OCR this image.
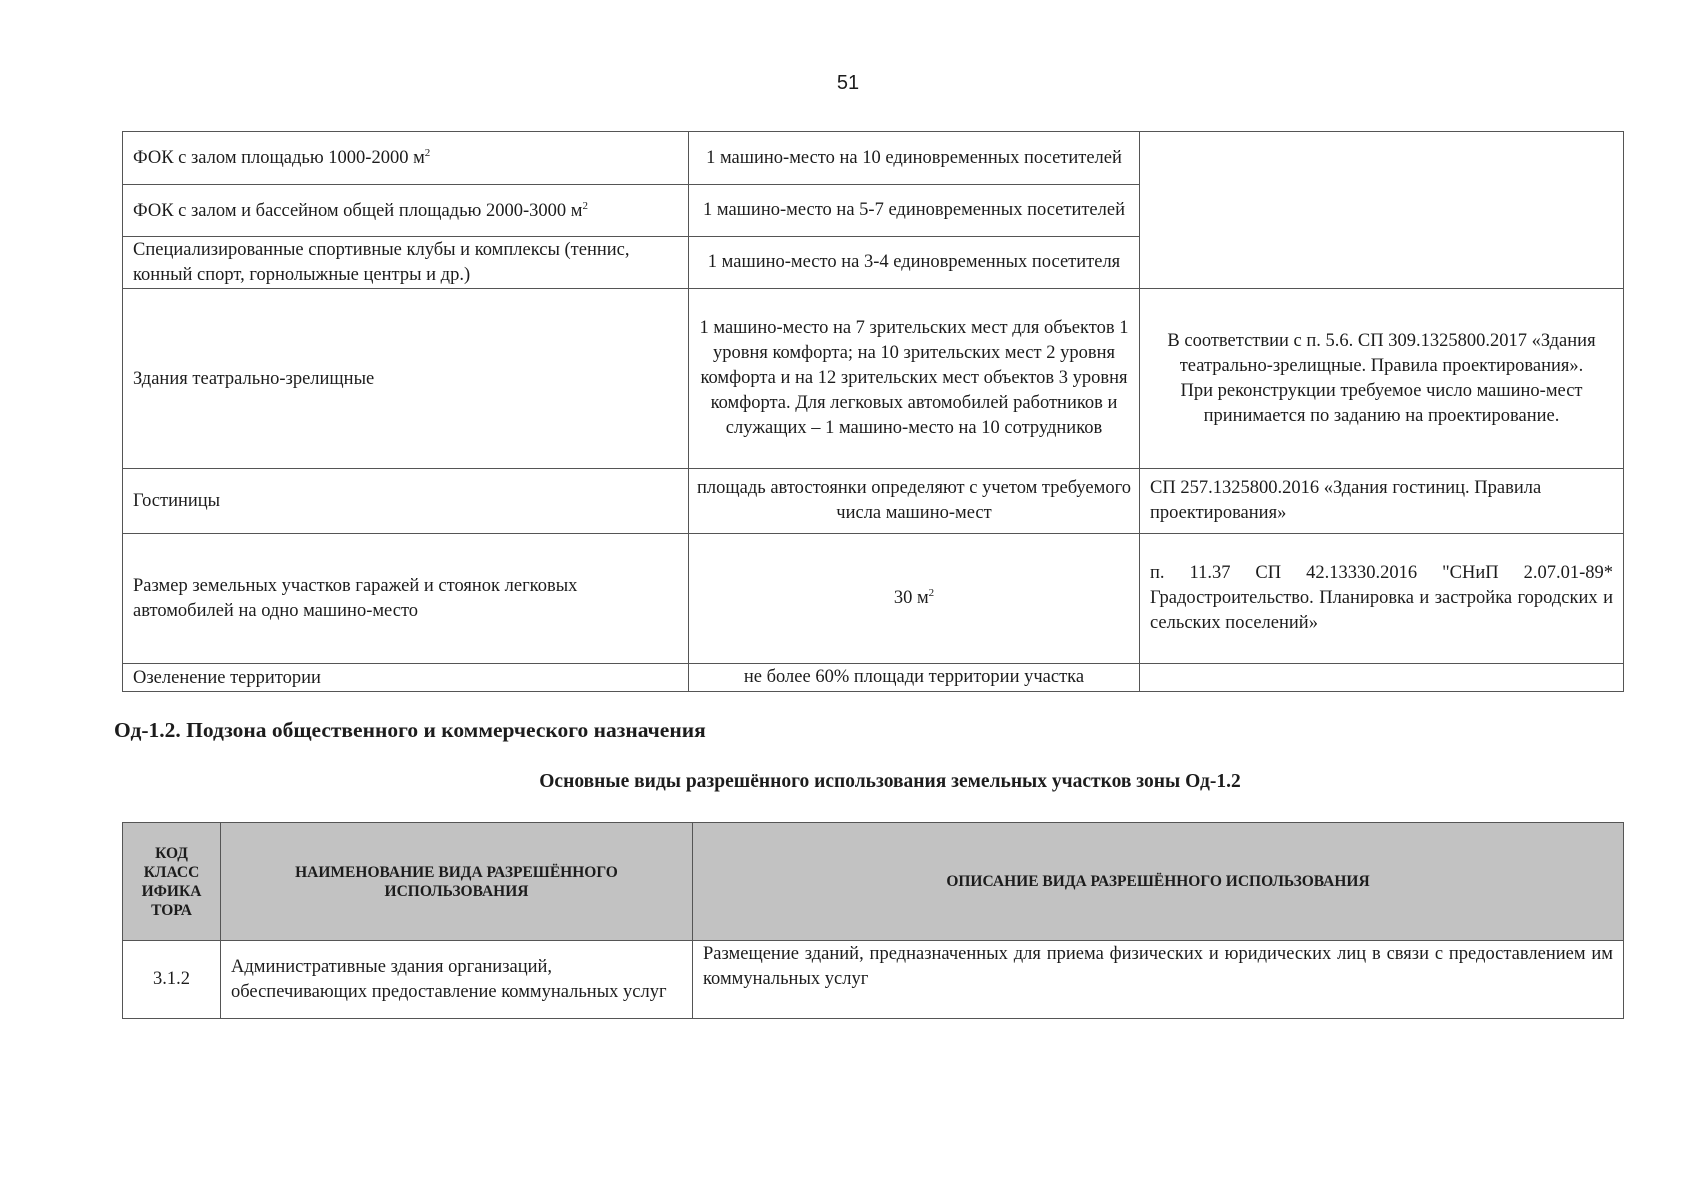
51
ФОК с залом площадью 1000-2000 $м^2$	1 машино-место на 10 единовременных посетителей	
ФОК с залом и бассейном общей площадью 2000-3000 $м^2$	1 машино-место на 5-7 единовременных посетителей	
Специализированные спортивные клубы и комплексы (теннис, конный спорт, горнолыжные центры и др.)	1 машино-место на 3-4 единовременных посетителя	
Здания театрально-зрелищные	1 машино-место на 7 зрительских мест для объектов 1 уровня комфорта; на 10 зрительских мест 2 уровня комфорта и на 12 зрительских мест объектов 3 уровня комфорта. Для легковых автомобилей работников и служащих – 1 машино-место на 10 сотрудников	В соответствии с п. 5.6. СП 309.1325800.2017 «Здания театрально-зрелищные. Правила проектирования».
При реконструкции требуемое число машино-мест принимается по заданию на проектирование.

Гостиницы	площадь автостоянки определяют с учетом требуемого числа машино-мест	СП 257.1325800.2016 «Здания гостиниц. Правила проектирования»
Размер земельных участков гаражей и стоянок легковых автомобилей на одно машино-место	30 $м^2$	п. 11.37 СП 42.13330.2016 "СНиП 2.07.01-89* Градостроительство. Планировка и застройка городских и сельских поселений»
Озеленение территории	не более 60% площади территории участка	
Од-1.2. Подзона общественного и коммерческого назначения
Основные виды разрешённого использования земельных участков зоны Од-1.2
КОД КЛАСС ИФИКА ТОРА	НАИМЕНОВАНИЕ ВИДА РАЗРЕШЁННОГО ИСПОЛЬЗОВАНИЯ	ОПИСАНИЕ ВИДА РАЗРЕШЁННОГО ИСПОЛЬЗОВАНИЯ
3.1.2	Административные здания организаций, обеспечивающих предоставление коммунальных услуг	Размещение зданий, предназначенных для приема физических и юридических лиц в связи с предоставлением им коммунальных услуг
